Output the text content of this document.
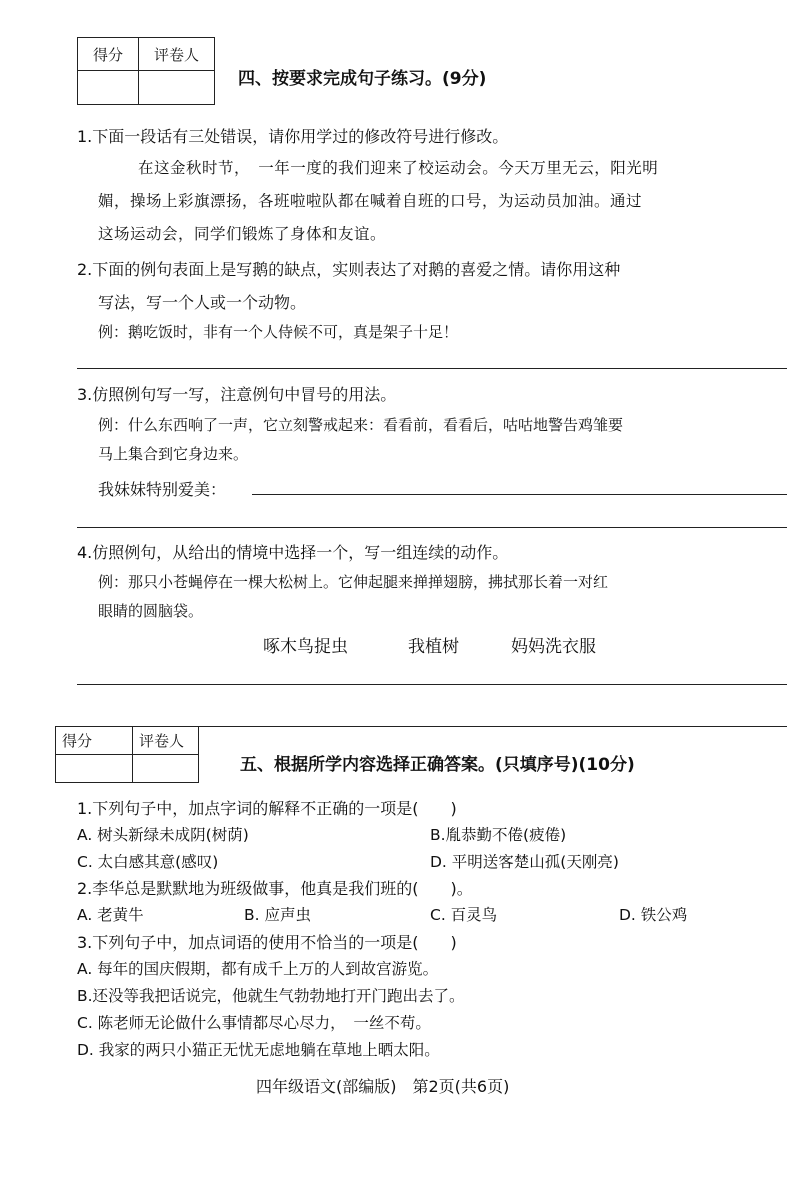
得分	评卷人

四、按要求完成句子练习。(9分)
1.下面一段话有三处错误，请你用学过的修改符号进行修改。
在这金秋时节，　一年一度的我们迎来了校运动会。今天万里无云，阳光明
媚，操场上彩旗漂扬，各班啦啦队都在喊着自班的口号，为运动员加油。通过
这场运动会，同学们锻炼了身体和友谊。
2.下面的例句表面上是写鹅的缺点，实则表达了对鹅的喜爱之情。请你用这种
写法，写一个人或一个动物。
例：鹅吃饭时，非有一个人侍候不可，真是架子十足！
3.仿照例句写一写，注意例句中冒号的用法。
例：什么东西响了一声，它立刻警戒起来：看看前，看看后，咕咕地警告鸡雏要
马上集合到它身边来。
我妹妹特别爱美：
4.仿照例句，从给出的情境中选择一个，写一组连续的动作。
例：那只小苍蝇停在一棵大松树上。它伸起腿来掸掸翅膀，拂拭那长着一对红
眼睛的圆脑袋。
啄木鸟捉虫	我植树	妈妈洗衣服
得分	评卷人

五、根据所学内容选择正确答案。(只填序号)(10分)
1.下列句子中，加点字词的解释不正确的一项是(　　)
A. 树头新绿未成阴(树荫)	B.胤恭勤不倦(疲倦)
C. 太白感其意(感叹)	D. 平明送客楚山孤(天刚亮)
2.李华总是默默地为班级做事，他真是我们班的(　　)。
A. 老黄牛	B. 应声虫	C. 百灵鸟	D. 铁公鸡
3.下列句子中，加点词语的使用不恰当的一项是(　　)
A. 每年的国庆假期，都有成千上万的人到故宫游览。
B.还没等我把话说完，他就生气勃勃地打开门跑出去了。
C. 陈老师无论做什么事情都尽心尽力，　一丝不苟。
D. 我家的两只小猫正无忧无虑地躺在草地上晒太阳。
四年级语文(部编版)　第2页(共6页)
